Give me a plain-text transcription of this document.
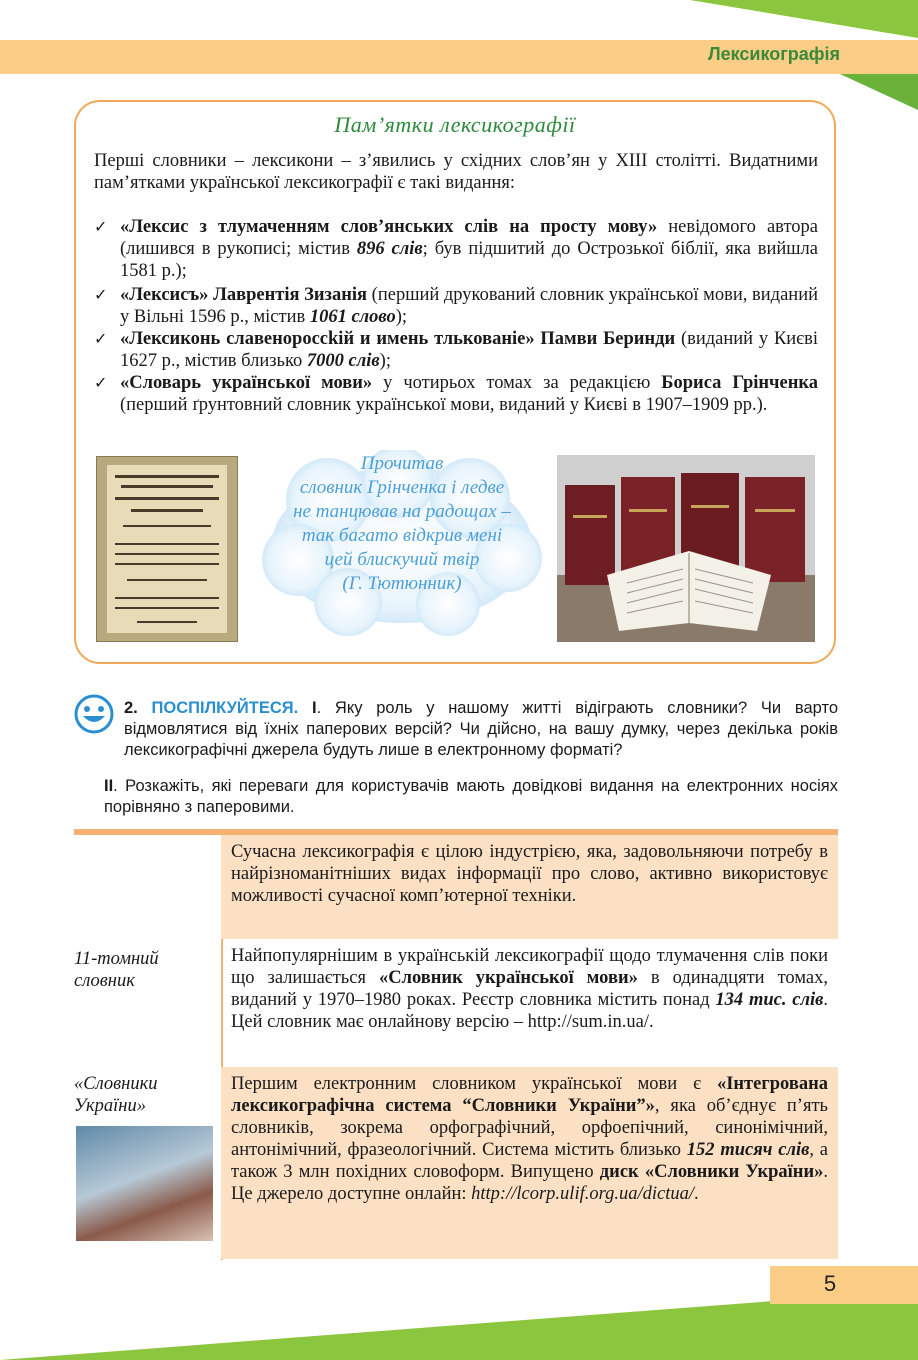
Лексикографія
Пам’ятки лексикографії
Перші словники – лексикони – з’явились у східних слов’ян у XIII столітті. Видатними пам’ятками української лексикографії є такі видання:
✓ «Лексис з тлумаченням слов’янських слів на просту мову» невідомого автора (лишився в рукописі; містив 896 слів; був підшитий до Острозької біблії, яка вийшла 1581 р.);
✓ «Лексисъ» Лаврентія Зизанія (перший друкований словник української мови, виданий у Вільні 1596 р., містив 1061 слово);
✓ «Лексиконь славенороссkій и имень тлькованіе» Памви Беринди (виданий у Києві 1627 р., містив близько 7000 слів);
✓ «Словарь української мови» у чотирьох томах за редакцією Бориса Грінченка (перший ґрунтовний словник української мови, виданий у Києві в 1907–1909 рр.).
Прочитав
словник Грінченка і ледве
не танцював на радощах –
так багато відкрив мені
цей блискучий твір
(Г. Тютюнник)
2. ПОСПІЛКУЙТЕСЯ. І. Яку роль у нашому житті відіграють словники? Чи варто відмовлятися від їхніх паперових версій? Чи дійсно, на вашу думку, через декілька років лексикографічні джерела будуть лише в електронному форматі?
ІІ. Розкажіть, які переваги для користувачів мають довідкові видання на електронних носіях порівняно з паперовими.
Сучасна лексикографія є цілою індустрією, яка, задовольняючи потребу в найрізноманітніших видах інформації про слово, активно використовує можливості сучасної комп’ютерної техніки.
11-томний словник
Найпопулярнішим в українській лексикографії щодо тлумачення слів поки що залишається «Словник української мови» в одинадцяти томах, виданий у 1970–1980 роках. Реєстр словника містить понад 134 тис. слів. Цей словник має онлайнову версію – http://sum.in.ua/.
«Словники України»
Першим електронним словником української мови є «Інтегрована лексикографічна система “Словники України”», яка об’єднує п’ять словників, зокрема орфографічний, орфоепічний, синонімічний, антонімічний, фразеологічний. Система містить близько 152 тисяч слів, а також 3 млн похідних словоформ. Випущено диск «Словники України». Це джерело доступне онлайн: http://lcorp.ulif.org.ua/dictua/.
5
